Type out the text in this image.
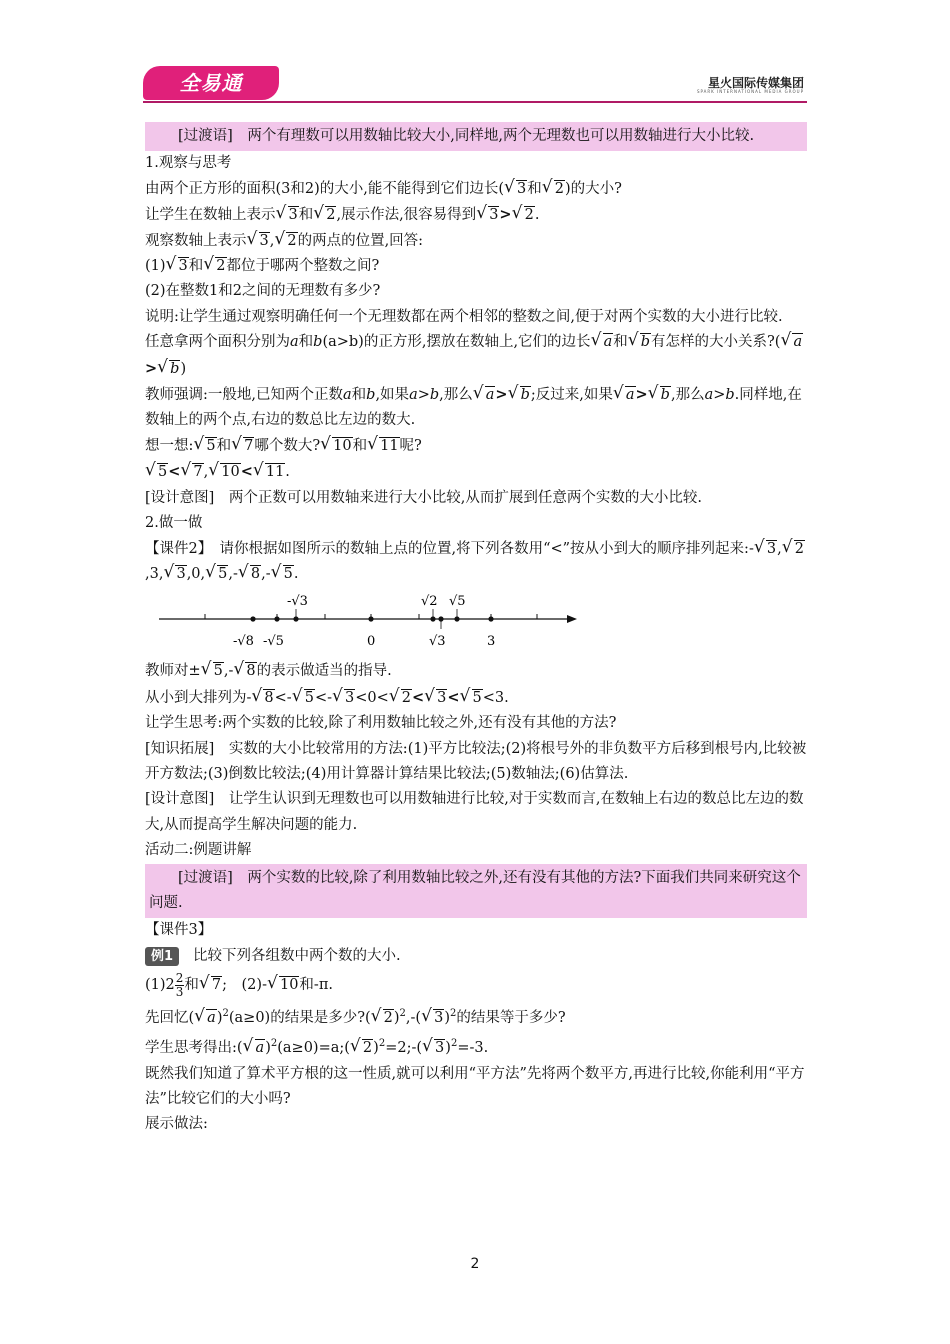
全易通	星火国际传媒集团
SPARK INTERNATIONAL MEDIA GROUP

[过渡语]　两个有理数可以用数轴比较大小,同样地,两个无理数也可以用数轴进行大小比较.

1.观察与思考

由两个正方形的面积(3和2)的大小,能不能得到它们边长( √ 3和 √ 2)的大小?

让学生在数轴上表示 √ 3和 √ 2,展示作法,很容易得到 √ 3> √ 2.

观察数轴上表示 √ 3, √ 2的两点的位置,回答:

(1) √ 3和 √ 2都位于哪两个整数之间?

(2)在整数1和2之间的无理数有多少?

说明:让学生通过观察明确任何一个无理数都在两个相邻的整数之间,便于对两个实数的大小进行比较.

任意拿两个面积分别为a和b(a>b)的正方形,摆放在数轴上,它们的边长 √ a和 √ b有怎样的大小关系?( √ a> √ b)

教师强调:一般地,已知两个正数a和b,如果a>b,那么 √ a> √ b;反过来,如果 √ a> √ b,那么a>b.同样地,在数轴上的两个点,右边的数总比左边的数大.

想一想: √ 5和 √ 7哪个数大? √ 10和 √ 11呢?

√ 5< √ 7, √ 10< √ 11.

[设计意图]　两个正数可以用数轴来进行大小比较,从而扩展到任意两个实数的大小比较.

2.做一做

【课件2】　请你根据如图所示的数轴上点的位置,将下列各数用“<”按从小到大的顺序排列起来:- √ 3, √ 2,3, √ 3,0, √ 5,- √ 8,- √ 5.

-√3	√2 √5
-√8 -√5	0	√3	3

教师对± √ 5,- √ 8的表示做适当的指导.

从小到大排列为- √ 8<- √ 5<- √ 3<0< √ 2< √ 3< √ 5<3.

让学生思考:两个实数的比较,除了利用数轴比较之外,还有没有其他的方法?

[知识拓展]　实数的大小比较常用的方法:(1)平方比较法;(2)将根号外的非负数平方后移到根号内,比较被开方数法;(3)倒数比较法;(4)用计算器计算结果比较法;(5)数轴法;(6)估算法.

[设计意图]　让学生认识到无理数也可以用数轴进行比较,对于实数而言,在数轴上右边的数总比左边的数大,从而提高学生解决问题的能力.

活动二:例题讲解

[过渡语]　两个实数的比较,除了利用数轴比较之外,还有没有其他的方法?下面我们共同来研究这个问题.

【课件3】

例1 比较下列各组数中两个数的大小.

$(1)2 \frac{2}{3}$ 和 √ 7;　(2)- √ 10和-π.

先回忆( √ a)$^2$(a≥0)的结果是多少?( √ 2)$^2$,-( √ 3)$^2$的结果等于多少?

学生思考得出:( √ a)$^2$(a≥0)=a;( √ 2)$^2$=2;-( √ 3)$^2$=-3.

既然我们知道了算术平方根的这一性质,就可以利用“平方法”先将两个数平方,再进行比较,你能利用“平方法”比较它们的大小吗?

展示做法:

2
